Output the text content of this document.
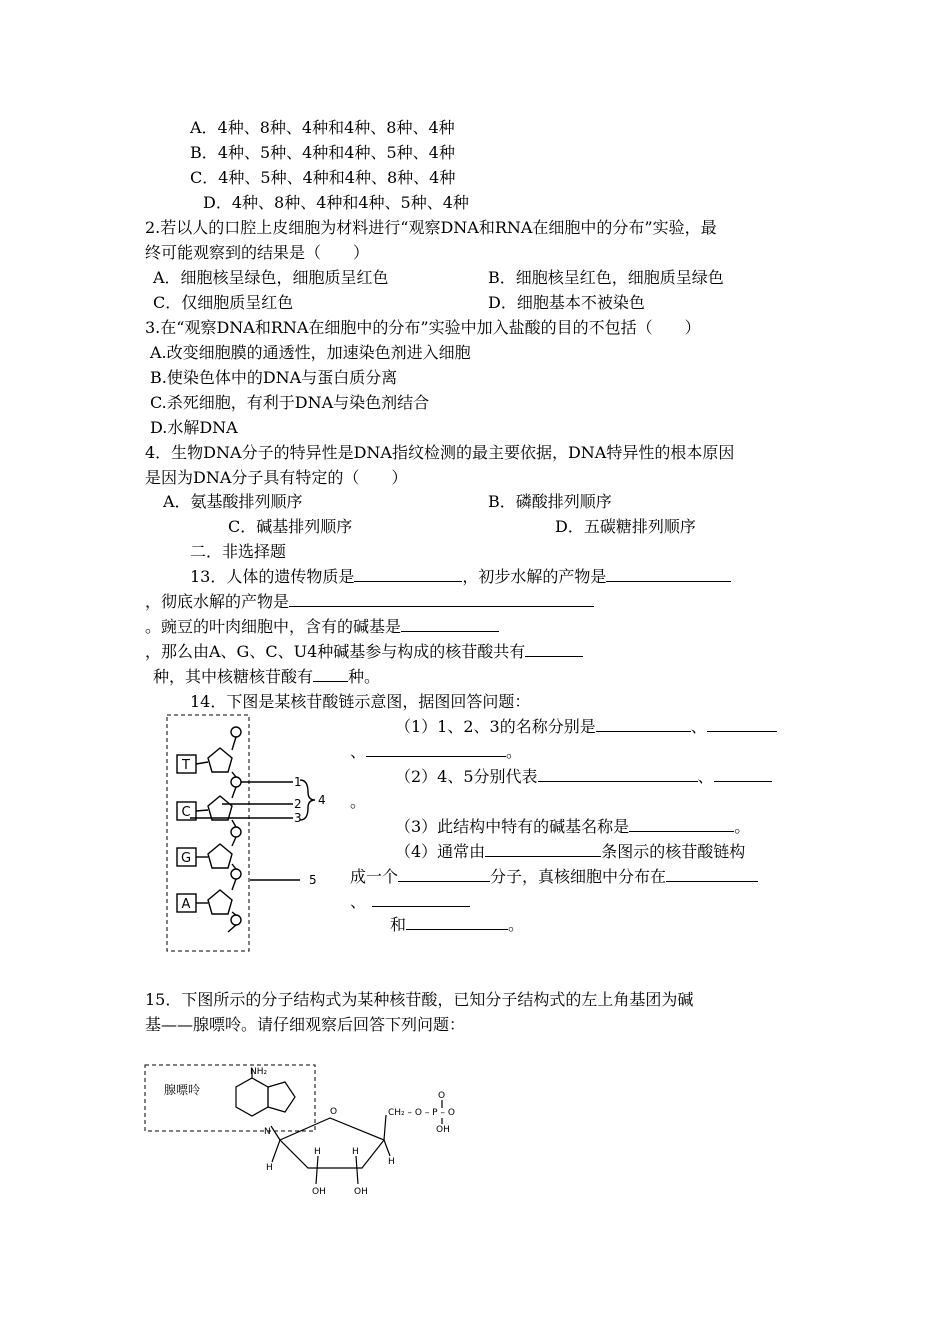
A．4种、8种、4种和4种、8种、4种
B．4种、5种、4种和4种、5种、4种
C．4种、5种、4种和4种、8种、4种
D．4种、8种、4种和4种、5种、4种
2.若以人的口腔上皮细胞为材料进行“观察DNA和RNA在细胞中的分布”实验，最
终可能观察到的结果是（　　）
A．细胞核呈绿色，细胞质呈红色	B．细胞核呈红色，细胞质呈绿色
C．仅细胞质呈红色	D．细胞基本不被染色
3.在“观察DNA和RNA在细胞中的分布”实验中加入盐酸的目的不包括（　　）
A.改变细胞膜的通透性，加速染色剂进入细胞
B.使染色体中的DNA与蛋白质分离
C.杀死细胞，有利于DNA与染色剂结合
D.水解DNA
4．生物DNA分子的特异性是DNA指纹检测的最主要依据，DNA特异性的根本原因
是因为DNA分子具有特定的（　　）
A．氨基酸排列顺序	B．磷酸排列顺序
C．碱基排列顺序	D．五碳糖排列顺序
二．非选择题
13．人体的遗传物质是	，初步水解的产物是
，彻底水解的产物是
。豌豆的叶肉细胞中，含有的碱基是
，那么由A、G、C、U4种碱基参与构成的核苷酸共有
种，其中核糖核苷酸有 种。
14．下图是某核苷酸链示意图，据图回答问题：
T
C
G
A
1
2
3
4
5
（1）1、2、3的名称分别是	、
、	。
（2）4、5分别代表	、
。
（3）此结构中特有的碱基名称是	。
（4）通常由	条图示的核苷酸链构
成一个	分子，真核细胞中分布在
、
和	。
15．下图所示的分子结构式为某种核苷酸，已知分子结构式的左上角基团为碱
基——腺嘌呤。请仔细观察后回答下列问题：
腺嘌呤
NH₂
N
O	CH₂ – O – P – O
O
OH
H
H	H
H
OH	OH
